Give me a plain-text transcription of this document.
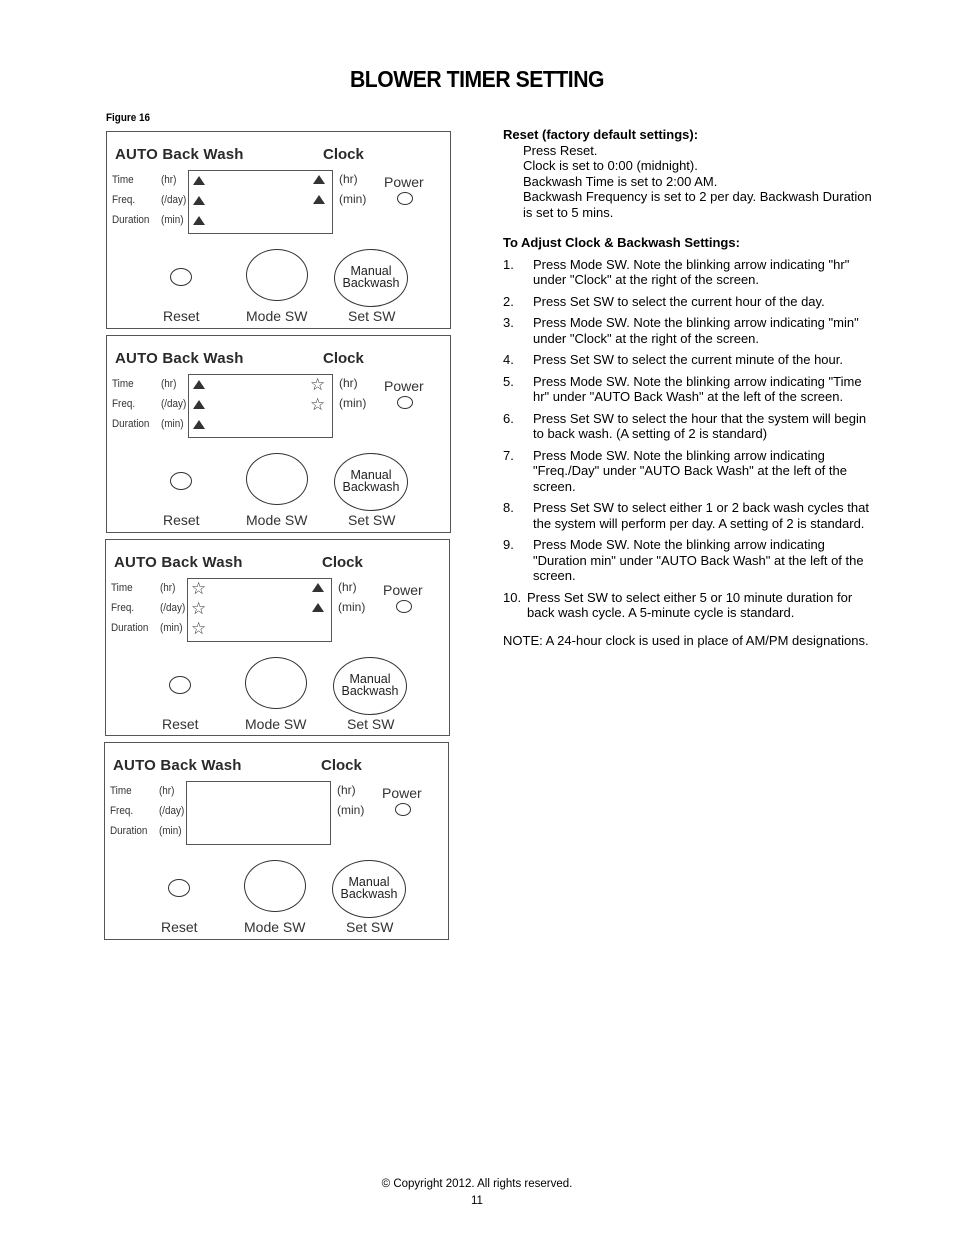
BLOWER TIMER SETTING
Figure 16
AUTO Back Wash	Clock
Time (hr)
Freq. (/day)
Duration (min)
(hr)
(min)
Power
Manual
Backwash
Reset	Mode SW	Set SW
AUTO Back Wash	Clock
Time (hr)
Freq. (/day)
Duration (min)
☆
☆
(hr)
(min)
Power
Manual
Backwash
Reset	Mode SW	Set SW
AUTO Back Wash	Clock
Time (hr)
Freq. (/day)
Duration (min)
☆
☆
☆
(hr)
(min)
Power
Manual
Backwash
Reset	Mode SW	Set SW
AUTO Back Wash	Clock
Time (hr)
Freq. (/day)
Duration (min)
(hr)
(min)
Power
Manual
Backwash
Reset	Mode SW	Set SW
Reset (factory default settings):
Press Reset.
Clock is set to 0:00 (midnight).
Backwash Time is set to 2:00 AM.
Backwash Frequency is set to 2 per day. Backwash Duration is set to 5 mins.
To Adjust Clock & Backwash Settings:
1. Press Mode SW. Note the blinking arrow indicating "hr" under "Clock" at the right of the screen.
2. Press Set SW to select the current hour of the day.
3. Press Mode SW. Note the blinking arrow indicating "min" under "Clock" at the right of the screen.
4. Press Set SW to select the current minute of the hour.
5. Press Mode SW. Note the blinking arrow indicating "Time hr" under "AUTO Back Wash" at the left of the screen.
6. Press Set SW to select the hour that the system will begin to back wash. (A setting of 2 is standard)
7. Press Mode SW. Note the blinking arrow indicating "Freq./Day" under "AUTO Back Wash" at the left of the screen.
8. Press Set SW to select either 1 or 2 back wash cycles that the system will perform per day. A setting of 2 is standard.
9. Press Mode SW. Note the blinking arrow indicating "Duration min" under "AUTO Back Wash" at the left of the screen.
10. Press Set SW to select either 5 or 10 minute duration for back wash cycle. A 5-minute cycle is standard.
NOTE: A 24-hour clock is used in place of AM/PM designations.
© Copyright 2012. All rights reserved.
11
